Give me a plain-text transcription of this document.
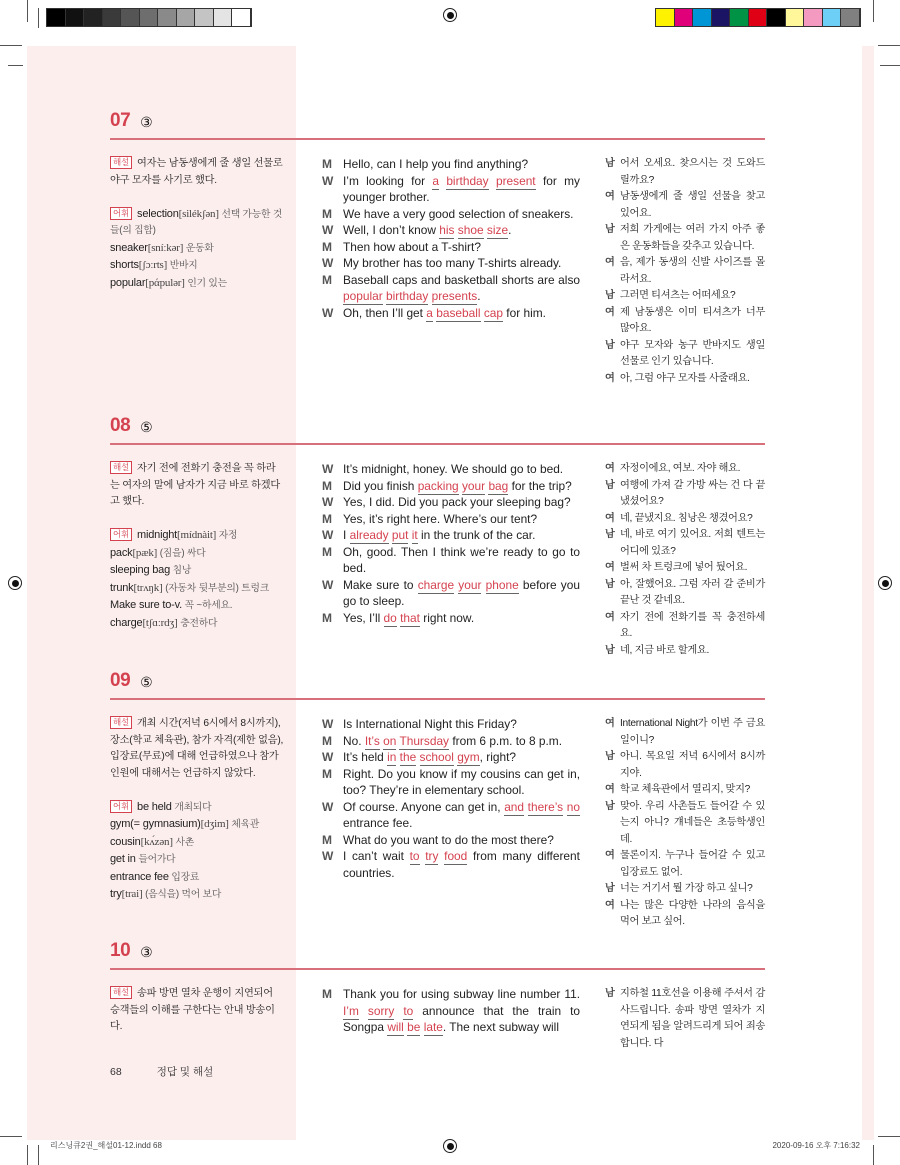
07 ③
해설 여자는 남동생에게 줄 생일 선물로 야구 모자를 사기로 했다.
어휘 selection[silékʃən] 선택 가능한 것들(의 집합)
sneaker[sníːkər] 운동화
shorts[ʃɔːrts] 반바지
popular[pάpulər] 인기 있는
M Hello, can I help you find anything?
W I’m looking for a birthday present for my younger brother.
M We have a very good selection of sneakers.
W Well, I don’t know his shoe size.
M Then how about a T-shirt?
W My brother has too many T-shirts already.
M Baseball caps and basketball shorts are also popular birthday presents.
W Oh, then I’ll get a baseball cap for him.
남 어서 오세요. 찾으시는 것 도와드릴까요?
여 남동생에게 줄 생일 선물을 찾고 있어요.
남 저희 가게에는 여러 가지 아주 좋은 운동화들을 갖추고 있습니다.
여 음, 제가 동생의 신발 사이즈를 몰라서요.
남 그러면 티셔츠는 어떠세요?
여 제 남동생은 이미 티셔츠가 너무 많아요.
남 야구 모자와 농구 반바지도 생일 선물로 인기 있습니다.
여 아, 그럼 야구 모자를 사줄래요.
08 ⑤
해설 자기 전에 전화기 충전을 꼭 하라는 여자의 말에 남자가 지금 바로 하겠다고 했다.
어휘 midnight[mídnàit] 자정
pack[pæk] (짐을) 싸다
sleeping bag 침낭
trunk[trʌŋk] (자동차 뒷부분의) 트렁크
Make sure to-v. 꼭 ~하세요.
charge[tʃɑːrdʒ] 충전하다
W It’s midnight, honey. We should go to bed.
M Did you finish packing your bag for the trip?
W Yes, I did. Did you pack your sleeping bag?
M Yes, it’s right here. Where’s our tent?
W I already put it in the trunk of the car.
M Oh, good. Then I think we’re ready to go to bed.
W Make sure to charge your phone before you go to sleep.
M Yes, I’ll do that right now.
여 자정이에요, 여보. 자야 해요.
남 여행에 가져 갈 가방 싸는 건 다 끝냈셨어요?
여 네, 끝냈지요. 침낭은 챙겼어요?
남 네, 바로 여기 있어요. 저희 텐트는 어디에 있죠?
여 벌써 차 트렁크에 넣어 뒀어요.
남 아, 잘했어요. 그럼 자러 갈 준비가 끝난 것 같네요.
여 자기 전에 전화기를 꼭 충전하세요.
남 네, 지금 바로 할게요.
09 ⑤
해설 개최 시간(저녁 6시에서 8시까지), 장소(학교 체육관), 참가 자격(제한 없음), 입장료(무료)에 대해 언급하였으나 참가 인원에 대해서는 언급하지 않았다.
어휘 be held 개최되다
gym(= gymnasium)[dʒim] 체육관
cousin[kʌ́zən] 사촌
get in 들어가다
entrance fee 입장료
try[trai] (음식을) 먹어 보다
W Is International Night this Friday?
M No. It’s on Thursday from 6 p.m. to 8 p.m.
W It’s held in the school gym, right?
M Right. Do you know if my cousins can get in, too? They’re in elementary school.
W Of course. Anyone can get in, and there’s no entrance fee.
M What do you want to do the most there?
W I can’t wait to try food from many different countries.
여 International Night가 이번 주 금요일이니?
남 아니. 목요일 저녁 6시에서 8시까지야.
여 학교 체육관에서 열리지, 맞지?
남 맞아. 우리 사촌들도 들어갈 수 있는지 아니? 걔네들은 초등학생인데.
여 물론이지. 누구나 들어갈 수 있고 입장료도 없어.
남 너는 거기서 뭘 가장 하고 싶니?
여 나는 많은 다양한 나라의 음식을 먹어 보고 싶어.
10 ③
해설 송파 방면 열차 운행이 지연되어 승객들의 이해를 구한다는 안내 방송이다.
M Thank you for using subway line number 11. I’m sorry to announce that the train to Songpa will be late. The next subway will
남 지하철 11호선을 이용해 주셔서 감사드립니다. 송파 방면 열차가 지연되게 됨을 알려드리게 되어 죄송합니다. 다
68	정답 및 해설
리스닝큐2권_해설01-12.indd 68	2020-09-16 오후 7:16:32
